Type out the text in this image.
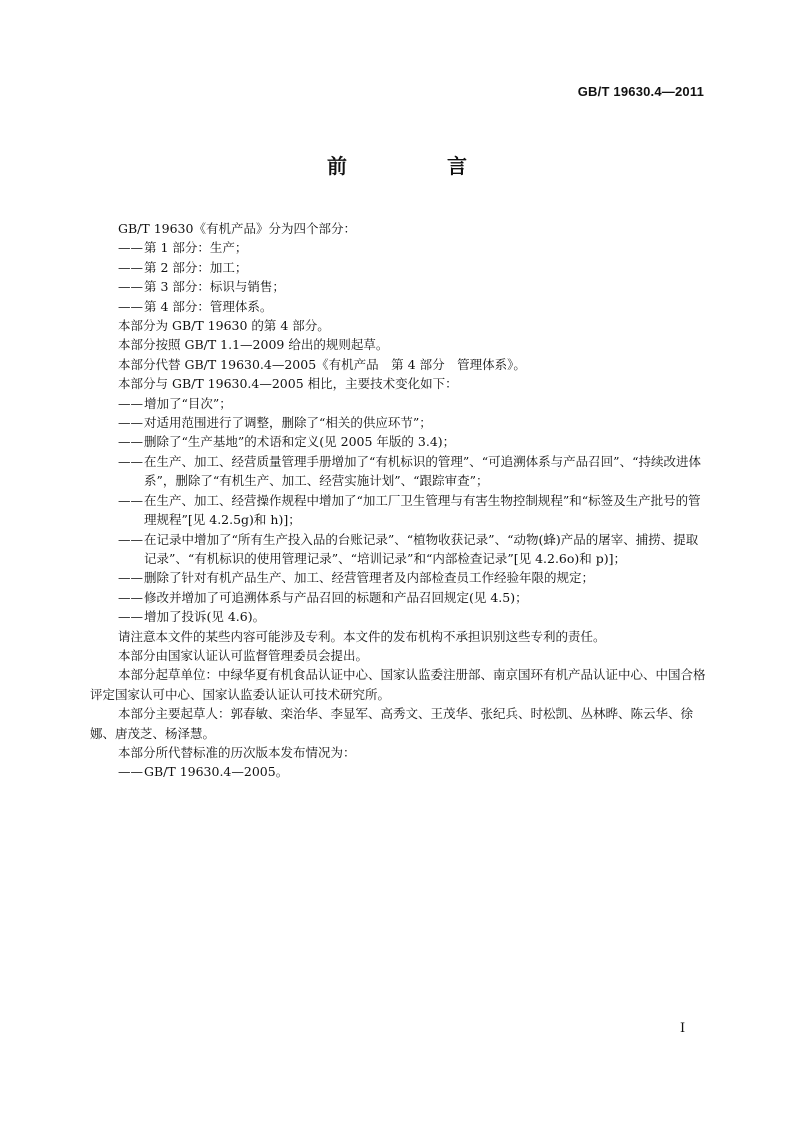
GB/T 19630.4—2011
前　言
GB/T 19630《有机产品》分为四个部分：
—— 第 1 部分：生产；
—— 第 2 部分：加工；
—— 第 3 部分：标识与销售；
—— 第 4 部分：管理体系。
本部分为 GB/T 19630 的第 4 部分。
本部分按照 GB/T 1.1—2009 给出的规则起草。
本部分代替 GB/T 19630.4—2005《有机产品　第 4 部分　管理体系》。
本部分与 GB/T 19630.4—2005 相比，主要技术变化如下：
—— 增加了“目次”；
—— 对适用范围进行了调整，删除了“相关的供应环节”；
—— 删除了“生产基地”的术语和定义(见 2005 年版的 3.4)；
—— 在生产、加工、经营质量管理手册增加了“有机标识的管理”、“可追溯体系与产品召回”、“持续改进体系”，删除了“有机生产、加工、经营实施计划”、“跟踪审查”；
—— 在生产、加工、经营操作规程中增加了“加工厂卫生管理与有害生物控制规程”和“标签及生产批号的管理规程”[见 4.2.5g)和 h)]；
—— 在记录中增加了“所有生产投入品的台账记录”、“植物收获记录”、“动物(蜂)产品的屠宰、捕捞、提取记录”、“有机标识的使用管理记录”、“培训记录”和“内部检查记录”[见 4.2.6o)和 p)]；
—— 删除了针对有机产品生产、加工、经营管理者及内部检查员工作经验年限的规定；
—— 修改并增加了可追溯体系与产品召回的标题和产品召回规定(见 4.5)；
—— 增加了投诉(见 4.6)。
请注意本文件的某些内容可能涉及专利。本文件的发布机构不承担识别这些专利的责任。
本部分由国家认证认可监督管理委员会提出。
本部分起草单位：中绿华夏有机食品认证中心、国家认监委注册部、南京国环有机产品认证中心、中国合格评定国家认可中心、国家认监委认证认可技术研究所。
本部分主要起草人：郭春敏、栾治华、李显军、高秀文、王茂华、张纪兵、时松凯、丛林晔、陈云华、徐娜、唐茂芝、杨泽慧。
本部分所代替标准的历次版本发布情况为：
—— GB/T 19630.4—2005。
I
